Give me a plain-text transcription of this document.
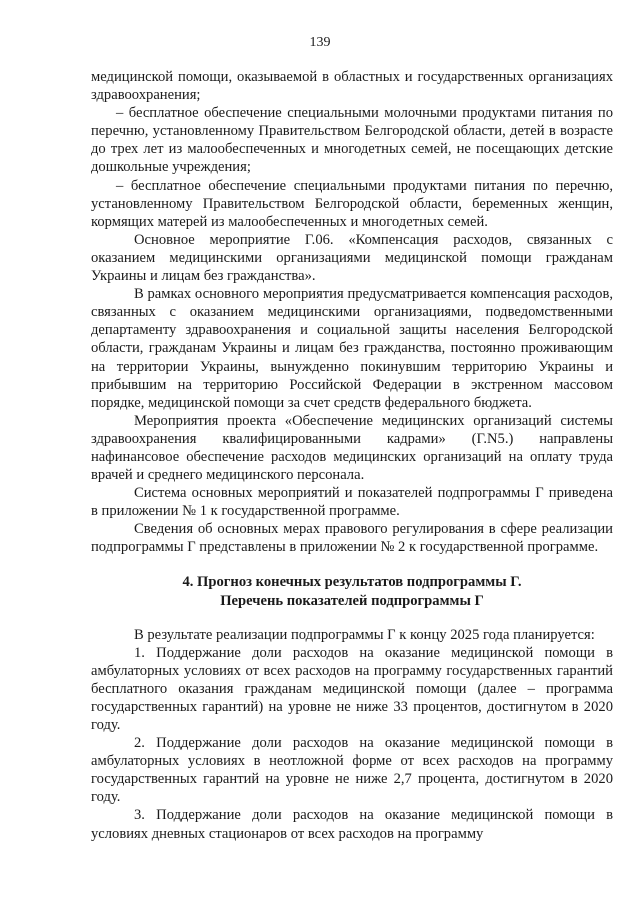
139

медицинской помощи, оказываемой в областных и государственных организациях здравоохранения;

– бесплатное обеспечение специальными молочными продуктами питания по перечню, установленному Правительством Белгородской области, детей в возрасте до трех лет из малообеспеченных и многодетных семей, не посещающих детские дошкольные учреждения;

– бесплатное обеспечение специальными продуктами питания по перечню, установленному Правительством Белгородской области, беременных женщин, кормящих матерей из малообеспеченных и многодетных семей.

Основное мероприятие Г.06. «Компенсация расходов, связанных с оказанием медицинскими организациями медицинской помощи гражданам Украины и лицам без гражданства».

В рамках основного мероприятия предусматривается компенсация расходов, связанных с оказанием медицинскими организациями, подведомственными департаменту здравоохранения и социальной защиты населения Белгородской области, гражданам Украины и лицам без гражданства, постоянно проживающим на территории Украины, вынужденно покинувшим территорию Украины и прибывшим на территорию Российской Федерации в экстренном массовом порядке, медицинской помощи за счет средств федерального бюджета.

Мероприятия проекта «Обеспечение медицинских организаций системы здравоохранения квалифицированными кадрами» (Г.N5.) направлены нафинансовое обеспечение расходов медицинских организаций на оплату труда врачей и среднего медицинского персонала.

Система основных мероприятий и показателей подпрограммы Г приведена в приложении № 1 к государственной программе.

Сведения об основных мерах правового регулирования в сфере реализации подпрограммы Г представлены в приложении № 2 к государственной программе.

4. Прогноз конечных результатов подпрограммы Г.
Перечень показателей подпрограммы Г

В результате реализации подпрограммы Г к концу 2025 года планируется:

1. Поддержание доли расходов на оказание медицинской помощи в амбулаторных условиях от всех расходов на программу государственных гарантий бесплатного оказания гражданам медицинской помощи (далее – программа государственных гарантий) на уровне не ниже 33 процентов, достигнутом в 2020 году.

2. Поддержание доли расходов на оказание медицинской помощи в амбулаторных условиях в неотложной форме от всех расходов на программу государственных гарантий на уровне не ниже 2,7 процента, достигнутом в 2020 году.

3. Поддержание доли расходов на оказание медицинской помощи в условиях дневных стационаров от всех расходов на программу
